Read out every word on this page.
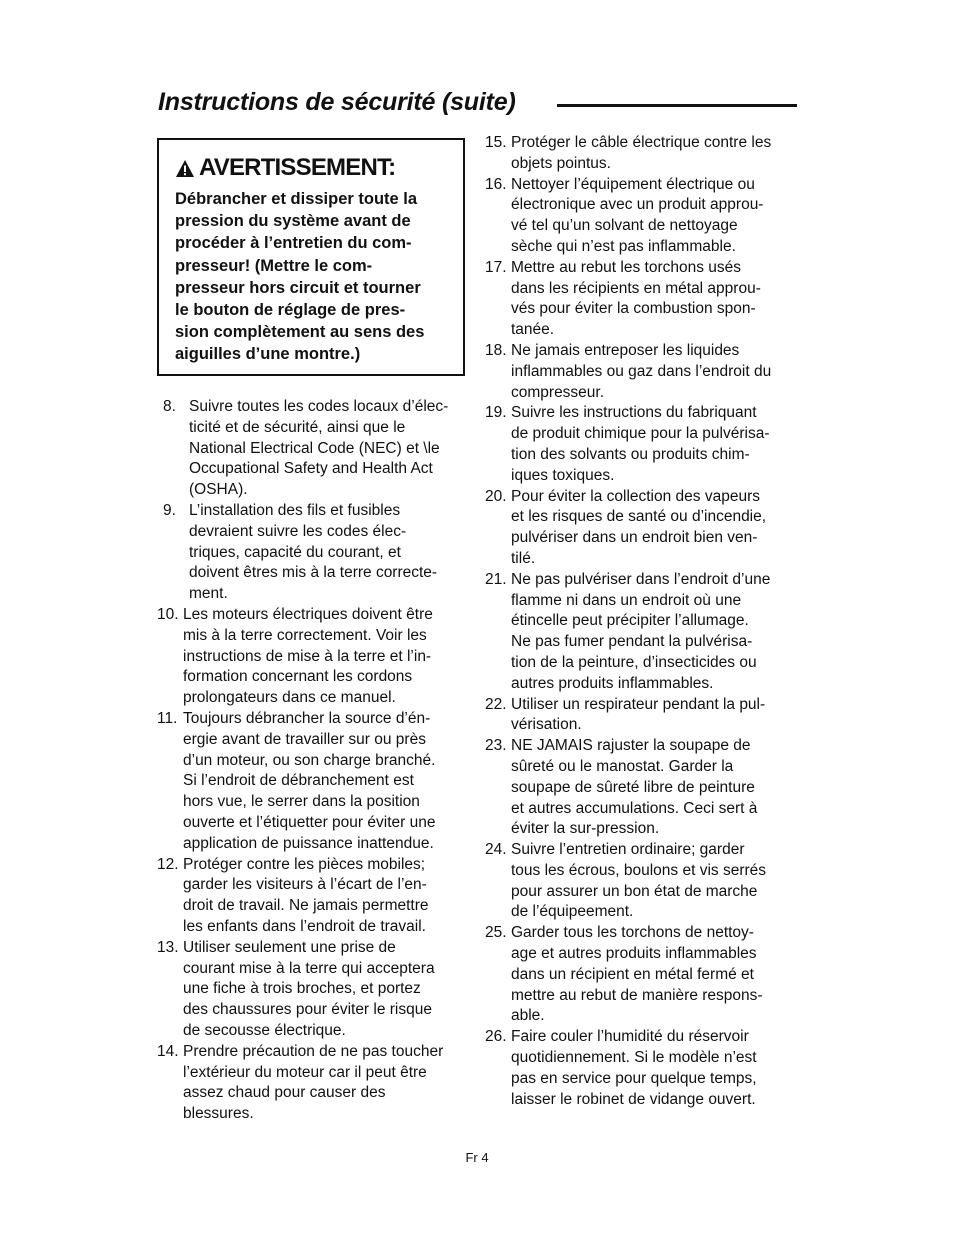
Instructions de sécurité (suite)
AVERTISSEMENT:
Débrancher et dissiper toute la
pression du système avant de
procéder à l’entretien du com-
presseur! (Mettre le com-
presseur hors circuit et tourner
le bouton de réglage de pres-
sion complètement au sens des
aiguilles d’une montre.)
8. Suivre toutes les codes locaux d’élec-
ticité et de sécurité, ainsi que le
National Electrical Code (NEC) et \le
Occupational Safety and Health Act
(OSHA).
9. L’installation des fils et fusibles
devraient suivre les codes élec-
triques, capacité du courant, et
doivent êtres mis à la terre correcte-
ment.
10. Les moteurs électriques doivent être
mis à la terre correctement. Voir les
instructions de mise à la terre et l’in-
formation concernant les cordons
prolongateurs dans ce manuel.
11. Toujours débrancher la source d’én-
ergie avant de travailler sur ou près
d’un moteur, ou son charge branché.
Si l’endroit de débranchement est
hors vue, le serrer dans la position
ouverte et l’étiquetter pour éviter une
application de puissance inattendue.
12. Protéger contre les pièces mobiles;
garder les visiteurs à l’écart de l’en-
droit de travail. Ne jamais permettre
les enfants dans l’endroit de travail.
13. Utiliser seulement une prise de
courant mise à la terre qui acceptera
une fiche à trois broches, et portez
des chaussures pour éviter le risque
de secousse électrique.
14. Prendre précaution de ne pas toucher
l’extérieur du moteur car il peut être
assez chaud pour causer des
blessures.
15. Protéger le câble électrique contre les
objets pointus.
16. Nettoyer l’équipement électrique ou
électronique avec un produit approu-
vé tel qu’un solvant de nettoyage
sèche qui n’est pas inflammable.
17. Mettre au rebut les torchons usés
dans les récipients en métal approu-
vés pour éviter la combustion spon-
tanée.
18. Ne jamais entreposer les liquides
inflammables ou gaz dans l’endroit du
compresseur.
19. Suivre les instructions du fabriquant
de produit chimique pour la pulvérisa-
tion des solvants ou produits chim-
iques toxiques.
20. Pour éviter la collection des vapeurs
et les risques de santé ou d’incendie,
pulvériser dans un endroit bien ven-
tilé.
21. Ne pas pulvériser dans l’endroit d’une
flamme ni dans un endroit où une
étincelle peut précipiter l’allumage.
Ne pas fumer pendant la pulvérisa-
tion de la peinture, d’insecticides ou
autres produits inflammables.
22. Utiliser un respirateur pendant la pul-
vérisation.
23. NE JAMAIS rajuster la soupape de
sûreté ou le manostat. Garder la
soupape de sûreté libre de peinture
et autres accumulations. Ceci sert à
éviter la sur-pression.
24. Suivre l’entretien ordinaire; garder
tous les écrous, boulons et vis serrés
pour assurer un bon état de marche
de l’équipeement.
25. Garder tous les torchons de nettoy-
age et autres produits inflammables
dans un récipient en métal fermé et
mettre au rebut de manière respons-
able.
26. Faire couler l’humidité du réservoir
quotidiennement. Si le modèle n’est
pas en service pour quelque temps,
laisser le robinet de vidange ouvert.
Fr 4
